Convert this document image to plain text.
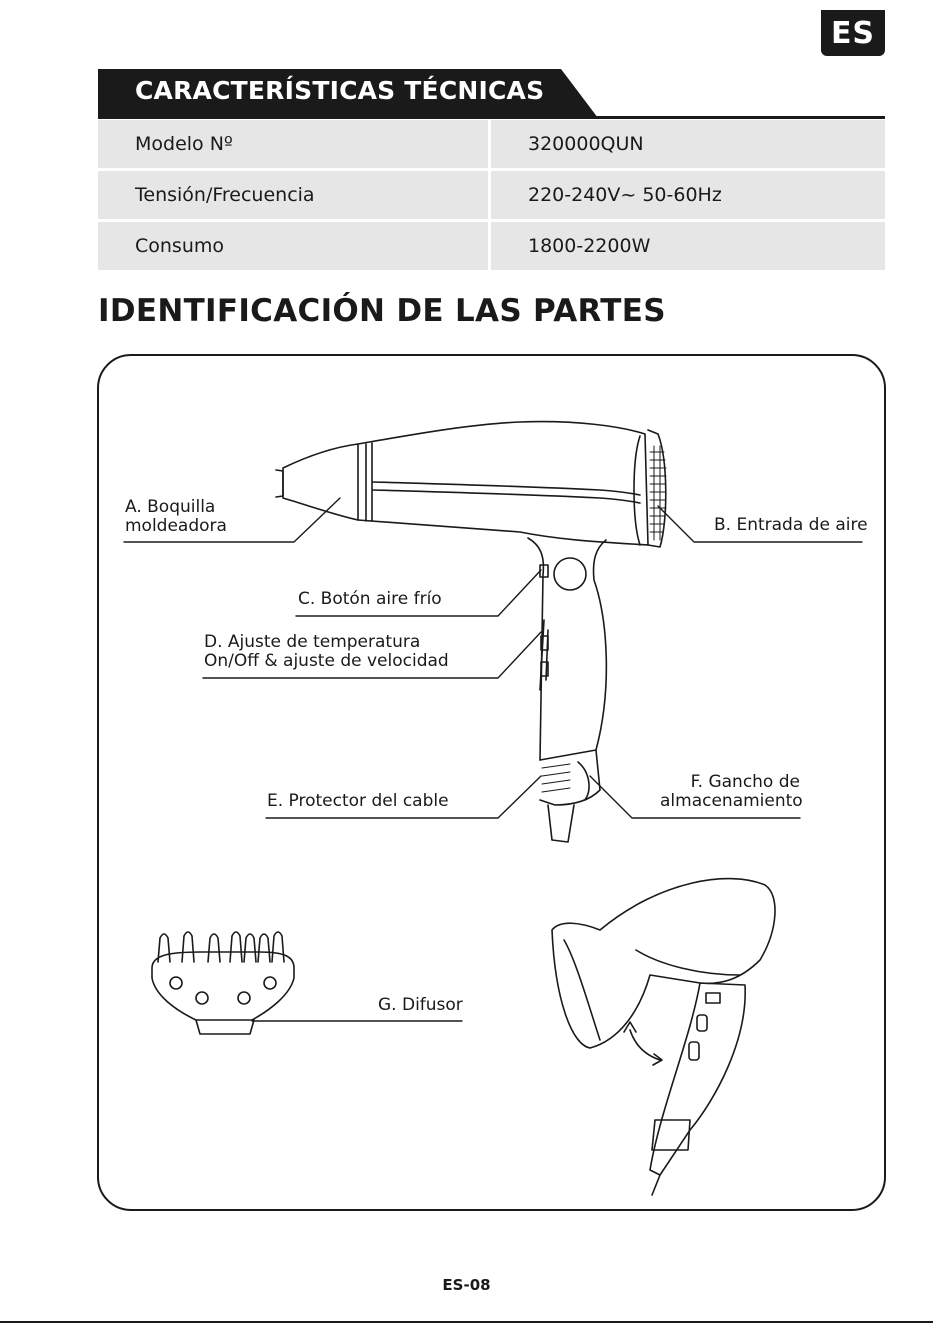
ES
CARACTERÍSTICAS TÉCNICAS
Modelo Nº	320000QUN
Tensión/Frecuencia	220-240V~ 50-60Hz
Consumo	1800-2200W
IDENTIFICACIÓN DE LAS PARTES
A. Boquilla
moldeadora	B. Entrada de aire
C. Botón aire frío
D. Ajuste de temperatura
On/Off & ajuste de velocidad
E. Protector del cable
F. Gancho de
almacenamiento
G. Difusor
ES-08
